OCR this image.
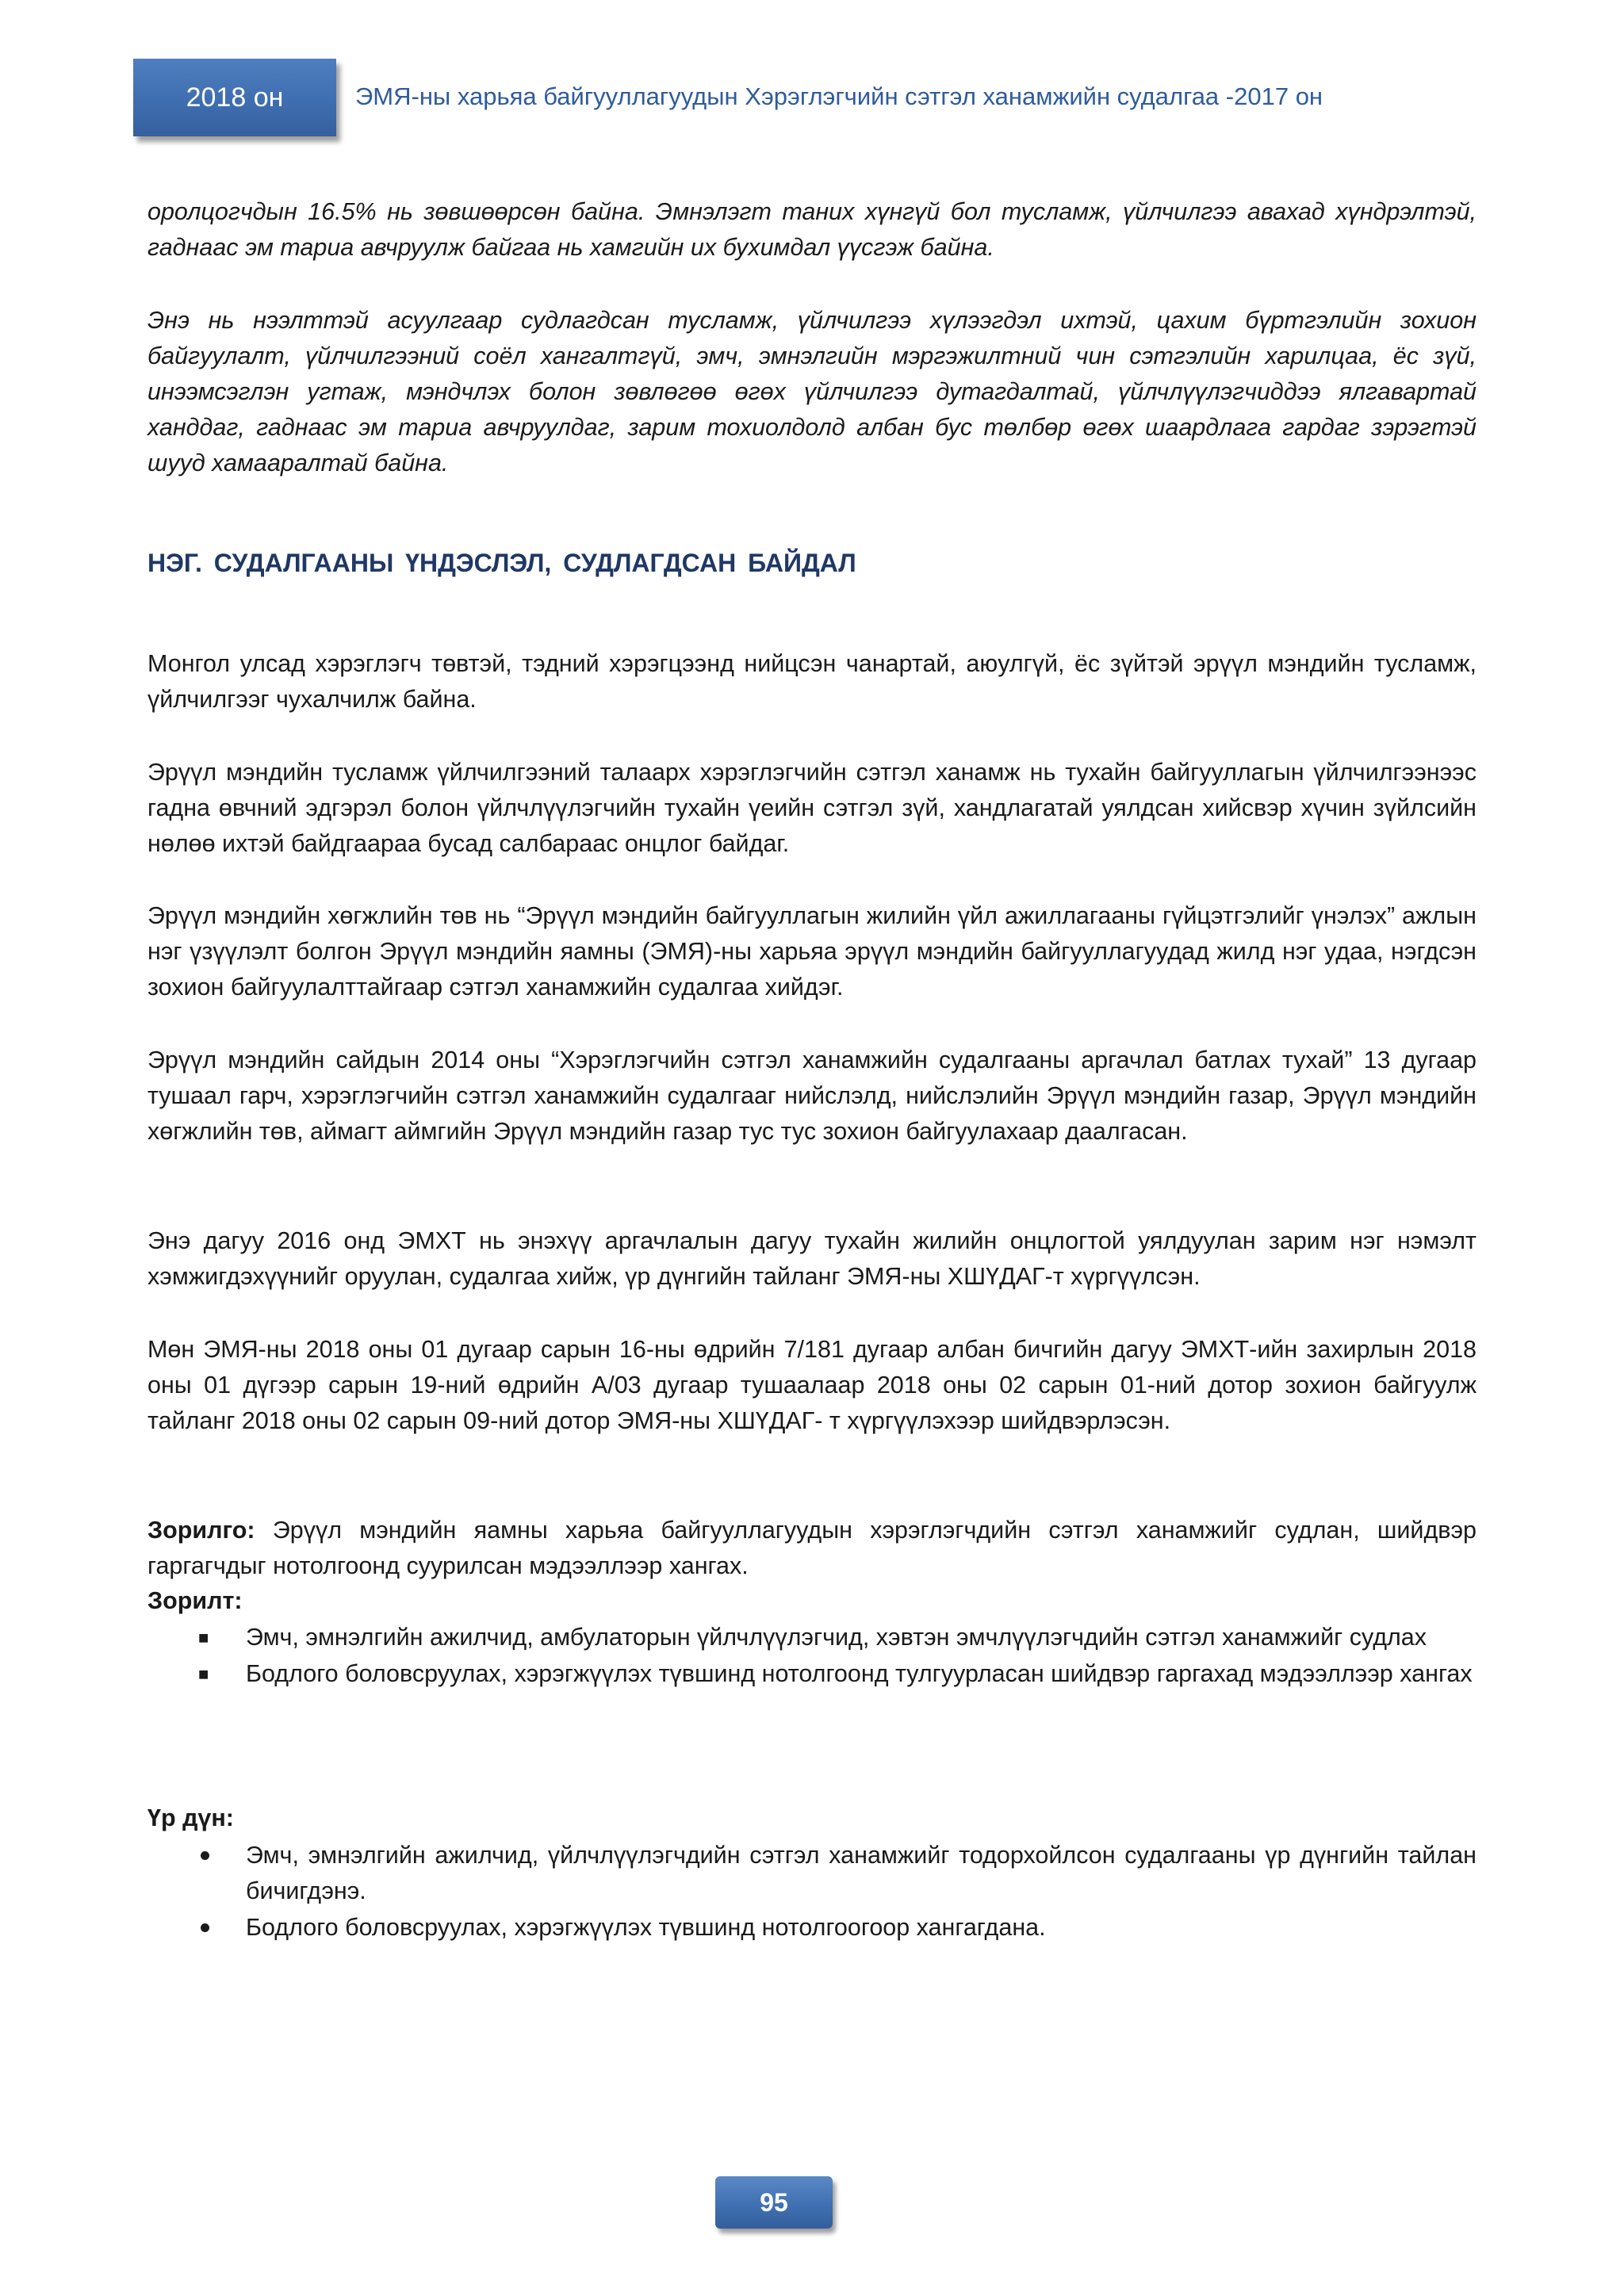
2018 он	ЭМЯ-ны харьяа байгууллагуудын Хэрэглэгчийн сэтгэл ханамжийн судалгаа -2017 он

оролцогчдын 16.5% нь зөвшөөрсөн байна. Эмнэлэгт таних хүнгүй бол тусламж, үйлчилгээ авахад хүндрэлтэй, гаднаас эм тариа авчруулж байгаа нь хамгийн их бухимдал үүсгэж байна.

Энэ нь нээлттэй асуулгаар судлагдсан тусламж, үйлчилгээ хүлээгдэл ихтэй, цахим бүртгэлийн зохион байгуулалт, үйлчилгээний соёл хангалтгүй, эмч, эмнэлгийн мэргэжилтний чин сэтгэлийн харилцаа, ёс зүй, инээмсэглэн угтаж, мэндчлэх болон зөвлөгөө өгөх үйлчилгээ дутагдалтай, үйлчлүүлэгчиддээ ялгавартай ханддаг, гаднаас эм тариа авчруулдаг, зарим тохиолдолд албан бус төлбөр өгөх шаардлага гардаг зэрэгтэй шууд хамааралтай байна.

НЭГ. СУДАЛГААНЫ ҮНДЭСЛЭЛ, СУДЛАГДСАН БАЙДАЛ

Монгол улсад хэрэглэгч төвтэй, тэдний хэрэгцээнд нийцсэн чанартай, аюулгүй, ёс зүйтэй эрүүл мэндийн тусламж, үйлчилгээг чухалчилж байна.

Эрүүл мэндийн тусламж үйлчилгээний талаарх хэрэглэгчийн сэтгэл ханамж нь тухайн байгууллагын үйлчилгээнээс гадна өвчний эдгэрэл болон үйлчлүүлэгчийн тухайн үеийн сэтгэл зүй, хандлагатай уялдсан хийсвэр хүчин зүйлсийн нөлөө ихтэй байдгаараа бусад салбараас онцлог байдаг.

Эрүүл мэндийн хөгжлийн төв нь “Эрүүл мэндийн байгууллагын жилийн үйл ажиллагааны гүйцэтгэлийг үнэлэх” ажлын нэг үзүүлэлт болгон Эрүүл мэндийн яамны (ЭМЯ)-ны харьяа эрүүл мэндийн байгууллагуудад жилд нэг удаа, нэгдсэн зохион байгуулалттайгаар сэтгэл ханамжийн судалгаа хийдэг.

Эрүүл мэндийн сайдын 2014 оны “Хэрэглэгчийн сэтгэл ханамжийн судалгааны аргачлал батлах тухай” 13 дугаар тушаал гарч, хэрэглэгчийн сэтгэл ханамжийн судалгааг нийслэлд, нийслэлийн Эрүүл мэндийн газар, Эрүүл мэндийн хөгжлийн төв, аймагт аймгийн Эрүүл мэндийн газар тус тус зохион байгуулахаар даалгасан.

Энэ дагуу 2016 онд ЭМХТ нь энэхүү аргачлалын дагуу тухайн жилийн онцлогтой уялдуулан зарим нэг нэмэлт хэмжигдэхүүнийг оруулан, судалгаа хийж, үр дүнгийн тайланг ЭМЯ-ны ХШҮДАГ-т хүргүүлсэн.

Мөн ЭМЯ-ны 2018 оны 01 дугаар сарын 16-ны өдрийн 7/181 дугаар албан бичгийн дагуу ЭМХТ-ийн захирлын 2018 оны 01 дүгээр сарын 19-ний өдрийн А/03 дугаар тушаалаар 2018 оны 02 сарын 01-ний дотор зохион байгуулж тайланг 2018 оны 02 сарын 09-ний дотор ЭМЯ-ны ХШҮДАГ- т хүргүүлэхээр шийдвэрлэсэн.

Зорилго: Эрүүл мэндийн яамны харьяа байгууллагуудын хэрэглэгчдийн сэтгэл ханамжийг судлан, шийдвэр гаргагчдыг нотолгоонд суурилсан мэдээллээр хангах.

Зорилт:

■ Эмч, эмнэлгийн ажилчид, амбулаторын үйлчлүүлэгчид, хэвтэн эмчлүүлэгчдийн сэтгэл ханамжийг судлах
■ Бодлого боловсруулах, хэрэгжүүлэх түвшинд нотолгоонд тулгуурласан шийдвэр гаргахад мэдээллээр хангах

Үр дүн:

Эмч, эмнэлгийн ажилчид, үйлчлүүлэгчдийн сэтгэл ханамжийг тодорхойлсон судалгааны үр дүнгийн тайлан бичигдэнэ.
Бодлого боловсруулах, хэрэгжүүлэх түвшинд нотолгоогоор хангагдана.
95
